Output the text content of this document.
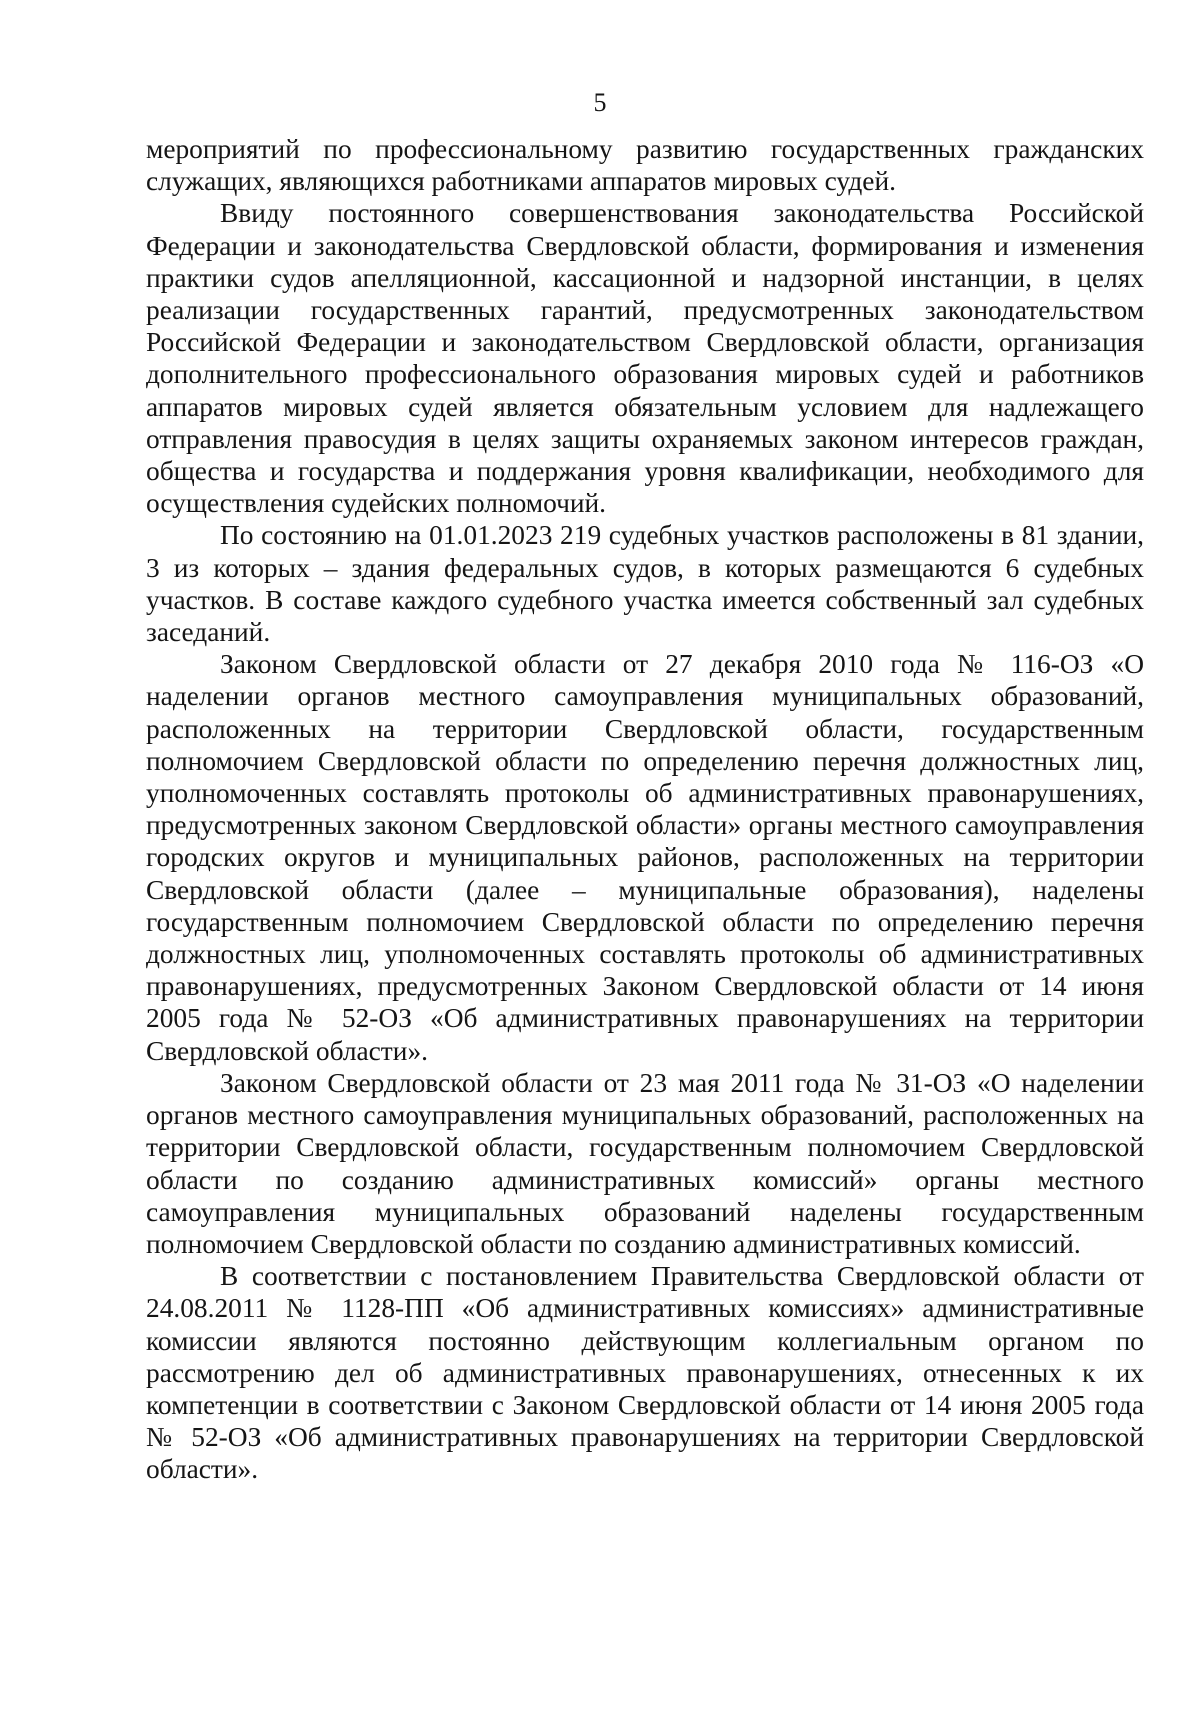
5

мероприятий по профессиональному развитию государственных гражданских служащих, являющихся работниками аппаратов мировых судей.

Ввиду постоянного совершенствования законодательства Российской Федерации и законодательства Свердловской области, формирования и изменения практики судов апелляционной, кассационной и надзорной инстанции, в целях реализации государственных гарантий, предусмотренных законодательством Российской Федерации и законодательством Свердловской области, организация дополнительного профессионального образования мировых судей и работников аппаратов мировых судей является обязательным условием для надлежащего отправления правосудия в целях защиты охраняемых законом интересов граждан, общества и государства и поддержания уровня квалификации, необходимого для осуществления судейских полномочий.

По состоянию на 01.01.2023 219 судебных участков расположены в 81 здании, 3 из которых – здания федеральных судов, в которых размещаются 6 судебных участков. В составе каждого судебного участка имеется собственный зал судебных заседаний.

Законом Свердловской области от 27 декабря 2010 года № 116-ОЗ «О наделении органов местного самоуправления муниципальных образований, расположенных на территории Свердловской области, государственным полномочием Свердловской области по определению перечня должностных лиц, уполномоченных составлять протоколы об административных правонарушениях, предусмотренных законом Свердловской области» органы местного самоуправления городских округов и муниципальных районов, расположенных на территории Свердловской области (далее – муниципальные образования), наделены государственным полномочием Свердловской области по определению перечня должностных лиц, уполномоченных составлять протоколы об административных правонарушениях, предусмотренных Законом Свердловской области от 14 июня 2005 года № 52-ОЗ «Об административных правонарушениях на территории Свердловской области».

Законом Свердловской области от 23 мая 2011 года № 31-ОЗ «О наделении органов местного самоуправления муниципальных образований, расположенных на территории Свердловской области, государственным полномочием Свердловской области по созданию административных комиссий» органы местного самоуправления муниципальных образований наделены государственным полномочием Свердловской области по созданию административных комиссий.

В соответствии с постановлением Правительства Свердловской области от 24.08.2011 № 1128-ПП «Об административных комиссиях» административные комиссии являются постоянно действующим коллегиальным органом по рассмотрению дел об административных правонарушениях, отнесенных к их компетенции в соответствии с Законом Свердловской области от 14 июня 2005 года № 52-ОЗ «Об административных правонарушениях на территории Свердловской области».
